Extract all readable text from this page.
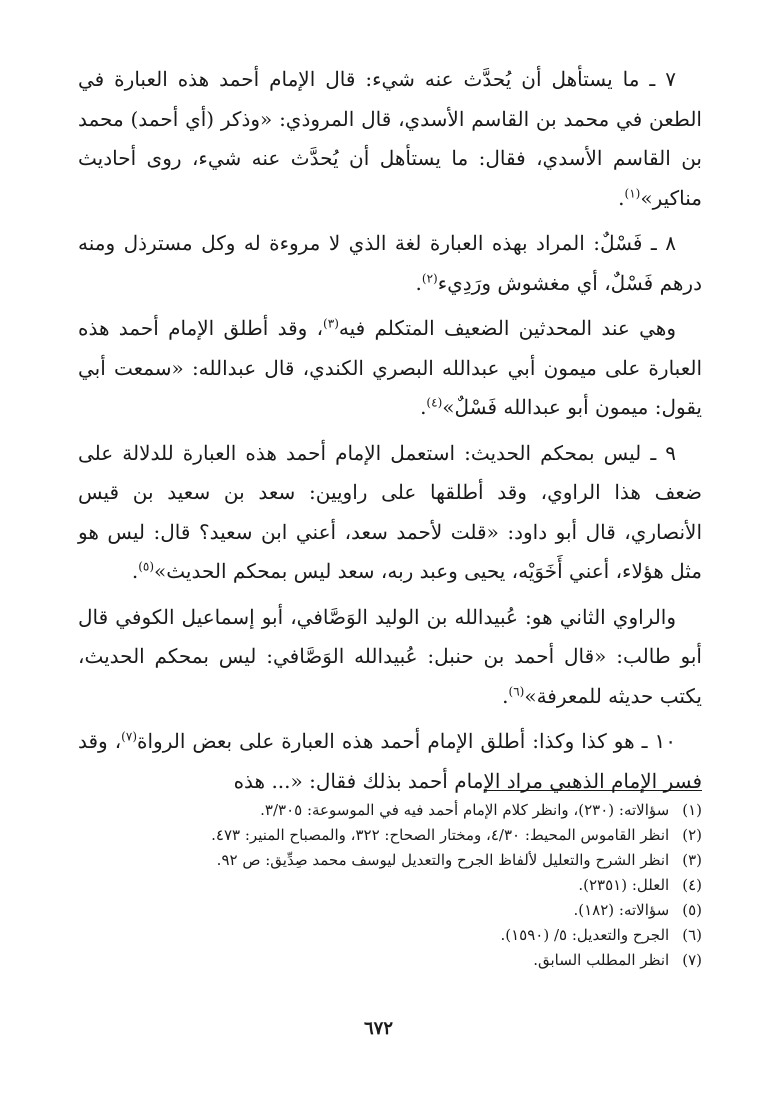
٧ ـ ما يستأهل أن يُحدَّث عنه شيء: قال الإمام أحمد هذه العبارة في الطعن في محمد بن القاسم الأسدي، قال المروذي: «وذكر (أي أحمد) محمد بن القاسم الأسدي، فقال: ما يستأهل أن يُحدَّث عنه شيء، روى أحاديث مناكير»$^{(١)}$.

٨ ـ فَسْلٌ: المراد بهذه العبارة لغة الذي لا مروءة له وكل مسترذل ومنه درهم فَسْلٌ، أي مغشوش ورَدِيء$^{(٢)}$.

وهي عند المحدثين الضعيف المتكلم فيه$^{(٣)}$، وقد أطلق الإمام أحمد هذه العبارة على ميمون أبي عبدالله البصري الكندي، قال عبدالله: «سمعت أبي يقول: ميمون أبو عبدالله فَسْلٌ»$^{(٤)}$.

٩ ـ ليس بمحكم الحديث: استعمل الإمام أحمد هذه العبارة للدلالة على ضعف هذا الراوي، وقد أطلقها على راويين: سعد بن سعيد بن قيس الأنصاري، قال أبو داود: «قلت لأحمد سعد، أعني ابن سعيد؟ قال: ليس هو مثل هؤلاء، أعني أَخَوَيْه، يحيى وعبد ربه، سعد ليس بمحكم الحديث»$^{(٥)}$.

والراوي الثاني هو: عُبيدالله بن الوليد الوَصَّافي، أبو إسماعيل الكوفي قال أبو طالب: «قال أحمد بن حنبل: عُبيدالله الوَصَّافي: ليس بمحكم الحديث، يكتب حديثه للمعرفة»$^{(٦)}$.

١٠ ـ هو كذا وكذا: أطلق الإمام أحمد هذه العبارة على بعض الرواة$^{(٧)}$، وقد فسر الإمام الذهبي مراد الإمام أحمد بذلك فقال: «... هذه

(١) سؤالاته: (٢٣٠)، وانظر كلام الإمام أحمد فيه في الموسوعة: ٣/٣٠٥.
(٢) انظر القاموس المحيط: ٤/٣٠، ومختار الصحاح: ٣٢٢، والمصباح المنير: ٤٧٣.
(٣) انظر الشرح والتعليل لألفاظ الجرح والتعديل ليوسف محمد صِدِّيق: ص ٩٢.
(٤) العلل: (٢٣٥١).
(٥) سؤالاته: (١٨٢).
(٦) الجرح والتعديل: ٥/ (١٥٩٠).
(٧) انظر المطلب السابق.
٦٧٢
